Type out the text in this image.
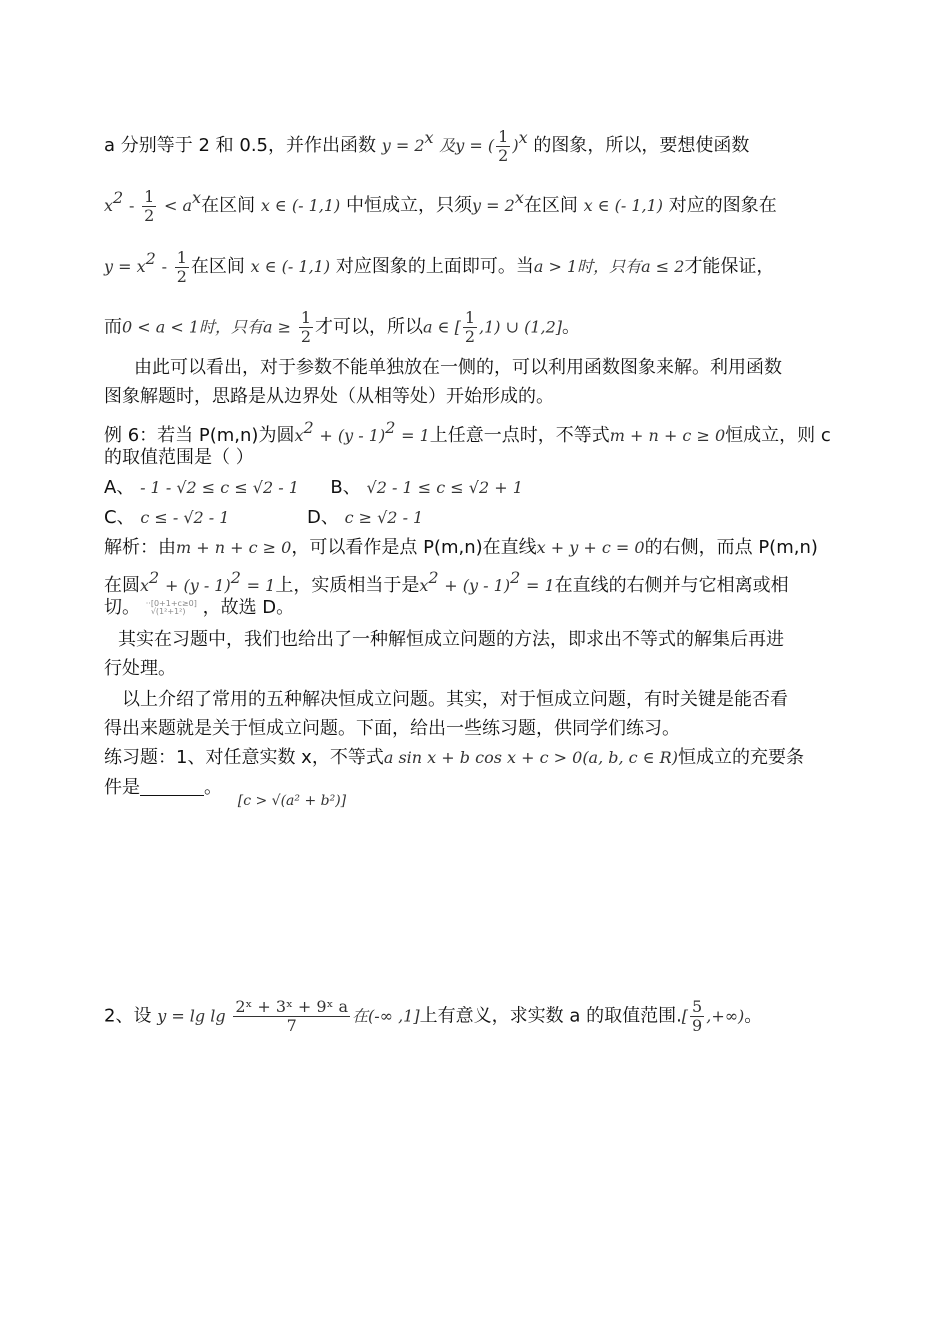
a 分别等于 2 和 0.5，并作出函数 $y = 2^x$ 及y = ( $\frac{1}{2} )^x$ 的图象，所以，要想使函数
$x^2 - \frac{1}{2} < a^x$在区间 x ∈ (- 1,1) 中恒成立，只须$y = 2^x$在区间 x ∈ (- 1,1) 对应的图象在
$y = x^2 - \frac{1}{2}$ 在区间 x ∈ (- 1,1) 对应图象的上面即可。当a > 1时，只有a ≤ 2才能保证，
而0 < a < 1时，只有$a \ge \frac{1}{2}$ 才可以，所以a ∈ [ $\frac{1}{2} ,1$) ∪ (1,2]。
由此可以看出，对于参数不能单独放在一侧的，可以利用函数图象来解。利用函数
图象解题时，思路是从边界处（从相等处）开始形成的。
例 6：若当 P(m,n)为圆$x^2 + (y - 1)^2 = 1$上任意一点时，不等式m + n + c ≥ 0恒成立，则 c
的取值范围是（ ）
A、 - 1 - √2 ≤ c ≤ √2 - 1 B、 √2 - 1 ≤ c ≤ √2 + 1
C、 c ≤ - √2 - 1	D、 c ≥ √2 - 1
解析：由m + n + c ≥ 0，可以看作是点 P(m,n)在直线x + y + c = 0的右侧，而点 P(m,n)
在圆$x^2 + (y - 1)^2 = 1$上，实质相当于是$x^2 + (y - 1)^2 = 1$在直线的右侧并与它相离或相
切。 ··[0+1+c≥0]
√(1²+1²) ，故选 D。
其实在习题中，我们也给出了一种解恒成立问题的方法，即求出不等式的解集后再进
行处理。
以上介绍了常用的五种解决恒成立问题。其实，对于恒成立问题，有时关键是能否看
得出来题就是关于恒成立问题。下面，给出一些练习题，供同学们练习。
练习题：1、对任意实数 x，不等式a sin x + b cos x + c > 0(a, b, c ∈ R)恒成立的充要条
件是	。 $_{[c > √(a^2 + b^2)]}$
2、设 $y = \lg \lg \frac{\text{2ˣ + 3ˣ + 9ˣ a}}{7}$ 在(-∞ ,1]上有意义，求实数 a 的取值范围.[ $\frac{5}{9}$ ,+∞)。
